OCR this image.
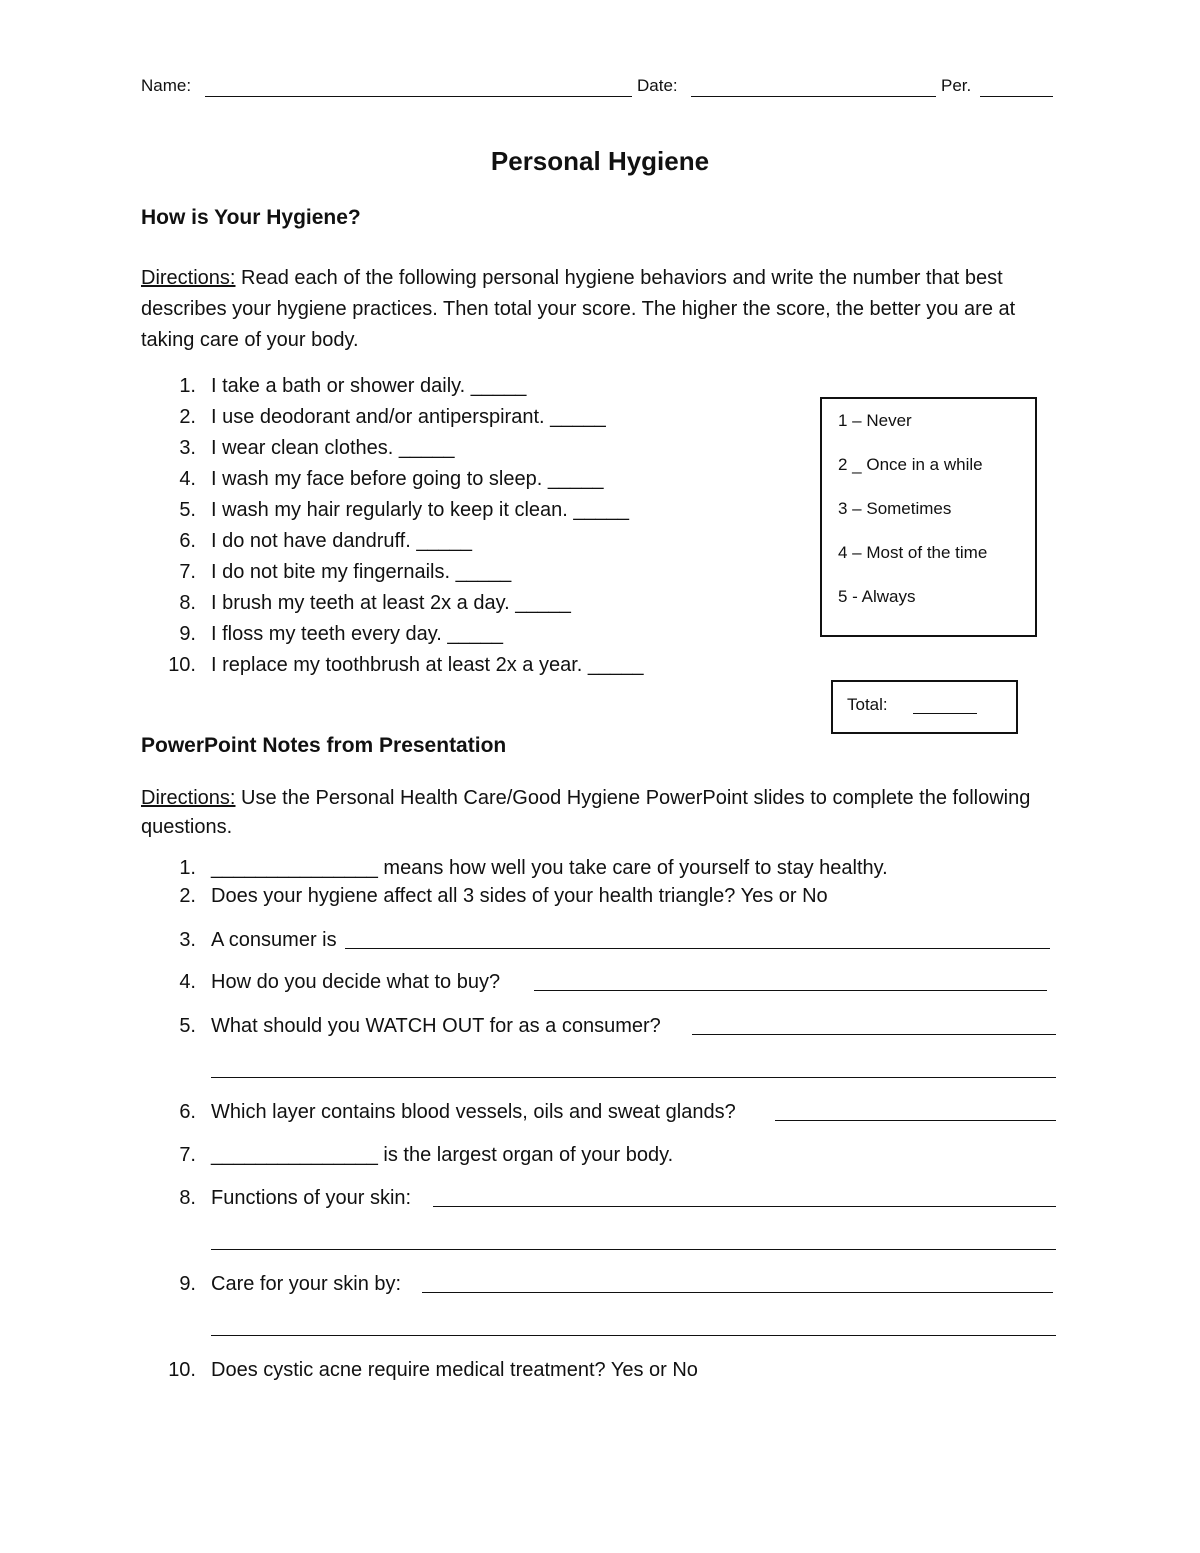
Name:	Date:	Per.
Personal Hygiene
How is Your Hygiene?
Directions: Read each of the following personal hygiene behaviors and write the number that best describes your hygiene practices. Then total your score. The higher the score, the better you are at taking care of your body.
1. I take a bath or shower daily. _____
2. I use deodorant and/or antiperspirant. _____
3. I wear clean clothes. _____
4. I wash my face before going to sleep. _____
5. I wash my hair regularly to keep it clean. _____
6. I do not have dandruff. _____
7. I do not bite my fingernails. _____
8. I brush my teeth at least 2x a day. _____
9. I floss my teeth every day. _____
10. I replace my toothbrush at least 2x a year. _____
1 – Never
2 _ Once in a while
3 – Sometimes
4 – Most of the time
5 - Always
Total:
PowerPoint Notes from Presentation
Directions: Use the Personal Health Care/Good Hygiene PowerPoint slides to complete the following questions.
1. _______________ means how well you take care of yourself to stay healthy.
2. Does your hygiene affect all 3 sides of your health triangle? Yes or No
3. A consumer is
4. How do you decide what to buy?
5. What should you WATCH OUT for as a consumer?
6. Which layer contains blood vessels, oils and sweat glands?
7. _______________ is the largest organ of your body.
8. Functions of your skin:
9. Care for your skin by:
10. Does cystic acne require medical treatment? Yes or No
